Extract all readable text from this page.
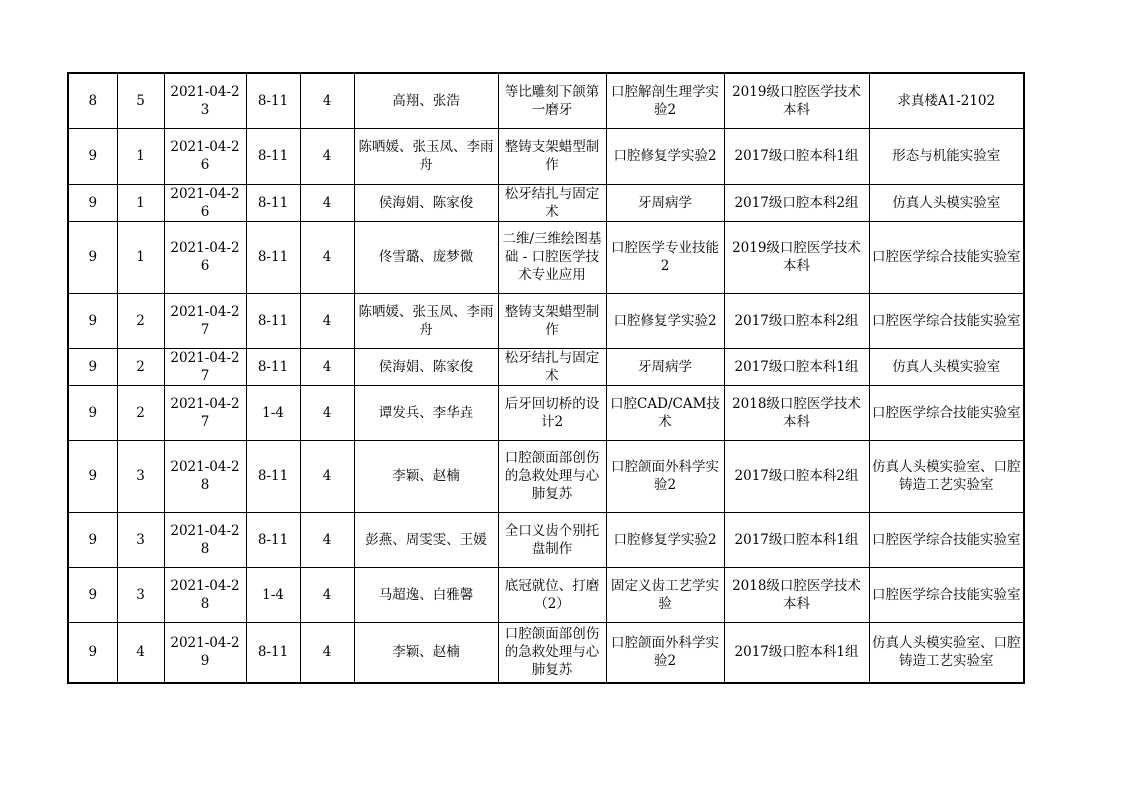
8	5	2021-04-23	8-11	4	高翔、张浩	等比雕刻下颌第一磨牙	口腔解剖生理学实验2	2019级口腔医学技术本科	求真楼A1-2102
9	1	2021-04-26	8-11	4	陈哂媛、张玉凤、李雨舟	整铸支架蜡型制作	口腔修复学实验2	2017级口腔本科1组	形态与机能实验室
9	1	2021-04-26	8-11	4	侯海娟、陈家俊	松牙结扎与固定术	牙周病学	2017级口腔本科2组	仿真人头模实验室
9	1	2021-04-26	8-11	4	佟雪璐、庞梦微	二维/三维绘图基础 - 口腔医学技术专业应用	口腔医学专业技能2	2019级口腔医学技术本科	口腔医学综合技能实验室
9	2	2021-04-27	8-11	4	陈哂媛、张玉凤、李雨舟	整铸支架蜡型制作	口腔修复学实验2	2017级口腔本科2组	口腔医学综合技能实验室
9	2	2021-04-27	8-11	4	侯海娟、陈家俊	松牙结扎与固定术	牙周病学	2017级口腔本科1组	仿真人头模实验室
9	2	2021-04-27	1-4	4	谭发兵、李华垚	后牙回切桥的设计2	口腔CAD/CAM技术	2018级口腔医学技术本科	口腔医学综合技能实验室
9	3	2021-04-28	8-11	4	李颖、赵楠	口腔颌面部创伤的急救处理与心肺复苏	口腔颌面外科学实验2	2017级口腔本科2组	仿真人头模实验室、口腔铸造工艺实验室
9	3	2021-04-28	8-11	4	彭燕、周雯雯、王媛	全口义齿个别托盘制作	口腔修复学实验2	2017级口腔本科1组	口腔医学综合技能实验室
9	3	2021-04-28	1-4	4	马超逸、白雅馨	底冠就位、打磨（2）	固定义齿工艺学实验	2018级口腔医学技术本科	口腔医学综合技能实验室
9	4	2021-04-29	8-11	4	李颖、赵楠	口腔颌面部创伤的急救处理与心肺复苏	口腔颌面外科学实验2	2017级口腔本科1组	仿真人头模实验室、口腔铸造工艺实验室
